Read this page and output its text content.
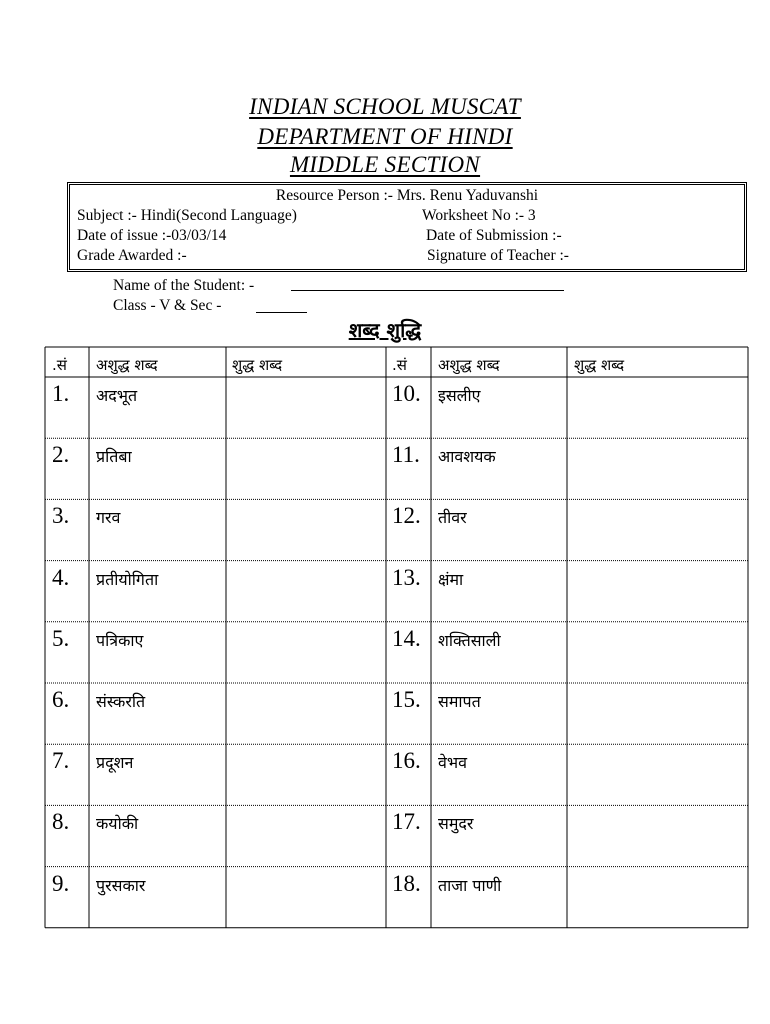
INDIAN SCHOOL MUSCAT
DEPARTMENT OF HINDI
MIDDLE SECTION
Resource Person :- Mrs. Renu Yaduvanshi
Subject :- Hindi(Second Language)	Worksheet No :- 3
Date of issue :-03/03/14	Date of Submission :-
Grade Awarded :-	Signature of Teacher :-
Name of the Student: -
Class - V & Sec -
शब्द शुद्धि
.सं अशुद्ध शब्द	शुद्ध शब्द	.सं अशुद्ध शब्द	शुद्ध शब्द
1. अदभूत	10. इसलीए
2. प्रतिबा	11. आवशयक
3. गरव	12. तीवर
4. प्रतीयोगिता	13. क्षंमा
5. पत्रिकाए	14. शक्तिसाली
6. संस्करति	15. समापत
7. प्रदूशन	16. वेभव
8. कयोकी	17. समुदर
9. पुरसकार	18. ताजा पाणी
